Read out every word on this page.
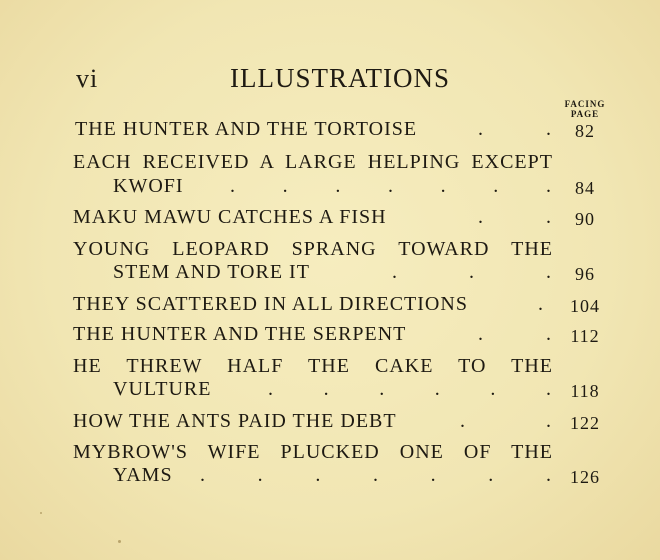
vi	ILLUSTRATIONS
FACING
PAGE
THE HUNTER AND THE TORTOISE	.	.	82
EACH RECEIVED A LARGE HELPING EXCEPT
KWOFI . . . . . . .	84
MAKU MAWU CATCHES A FISH	.	.	90
YOUNG LEOPARD SPRANG TOWARD THE
STEM AND TORE IT	.	.	.	96
THEY SCATTERED IN ALL DIRECTIONS	.	104
THE HUNTER AND THE SERPENT	.	.	112
HE THREW HALF THE CAKE TO THE
VULTURE	. . . . . .	118
HOW THE ANTS PAID THE DEBT	.	.	122
MYBROW'S WIFE PLUCKED ONE OF THE
YAMS .	.	.	.	.	.	.	126
